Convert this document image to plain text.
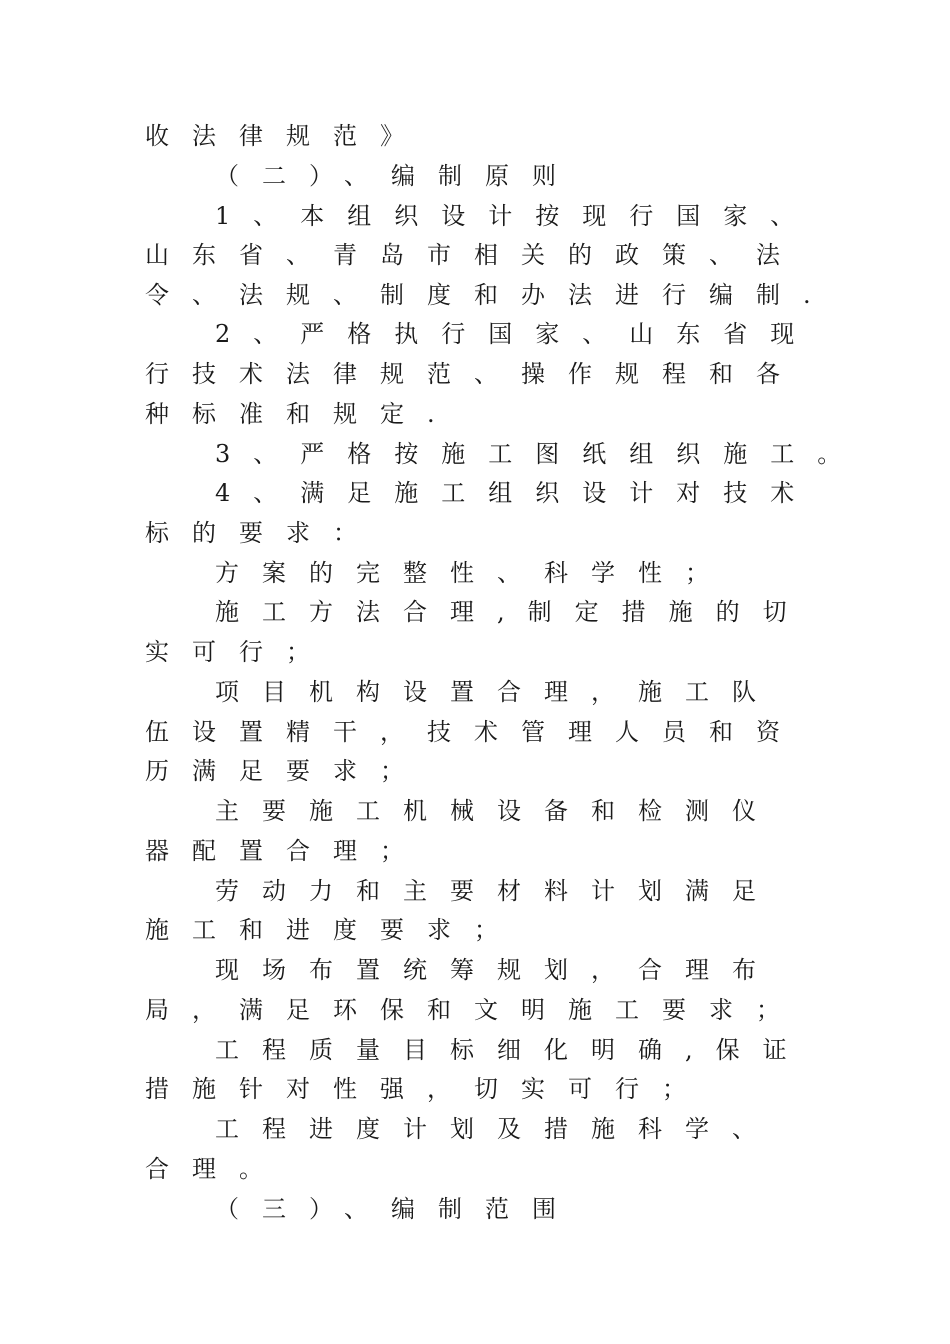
收法律规范》
（二）、编制原则
1、本组织设计按现行国家、
山东省、青岛市相关的政策、法
令、法规、制度和办法进行编制.
2、严格执行国家、山东省现
行技术法律规范、操作规程和各
种标准和规定.
3、严格按施工图纸组织施工。
4、满足施工组织设计对技术
标的要求：
方案的完整性、科学性；
施工方法合理,制定措施的切
实可行；
项目机构设置合理，施工队
伍设置精干，技术管理人员和资
历满足要求；
主要施工机械设备和检测仪
器配置合理；
劳动力和主要材料计划满足
施工和进度要求；
现场布置统筹规划，合理布
局，满足环保和文明施工要求；
工程质量目标细化明确,保证
措施针对性强，切实可行；
工程进度计划及措施科学、
合理。
（三）、编制范围
